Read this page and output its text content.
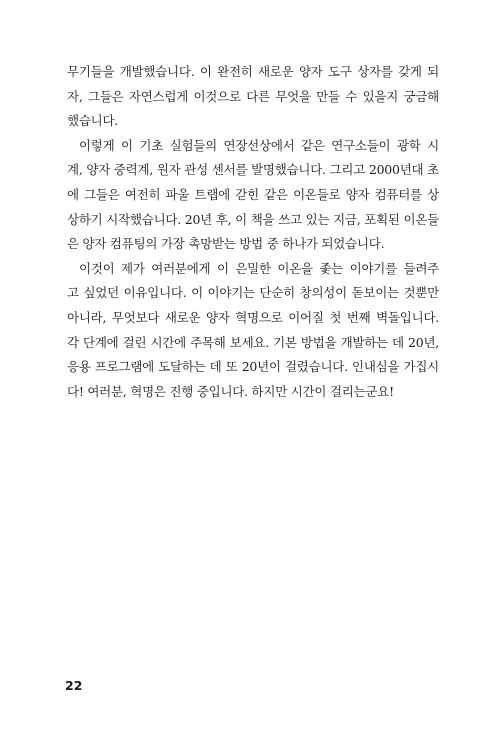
무기들을 개발했습니다. 이 완전히 새로운 양자 도구 상자를 갖게 되
자, 그들은 자연스럽게 이것으로 다른 무엇을 만들 수 있을지 궁금해
했습니다.
이렇게 이 기초 실험들의 연장선상에서 같은 연구소들이 광학 시
계, 양자 중력계, 원자 관성 센서를 발명했습니다. 그리고 2000년대 초
에 그들은 여전히 파울 트랩에 갇힌 같은 이온들로 양자 컴퓨터를 상
상하기 시작했습니다. 20년 후, 이 책을 쓰고 있는 지금, 포획된 이온들
은 양자 컴퓨팅의 가장 촉망받는 방법 중 하나가 되었습니다.
이것이 제가 여러분에게 이 은밀한 이온을 좇는 이야기를 들려주
고 싶었던 이유입니다. 이 이야기는 단순히 창의성이 돋보이는 것뿐만
아니라, 무엇보다 새로운 양자 혁명으로 이어질 첫 번째 벽돌입니다.
각 단계에 걸린 시간에 주목해 보세요. 기본 방법을 개발하는 데 20년,
응용 프로그램에 도달하는 데 또 20년이 걸렸습니다. 인내심을 가집시
다! 여러분, 혁명은 진행 중입니다. 하지만 시간이 걸리는군요!
22
